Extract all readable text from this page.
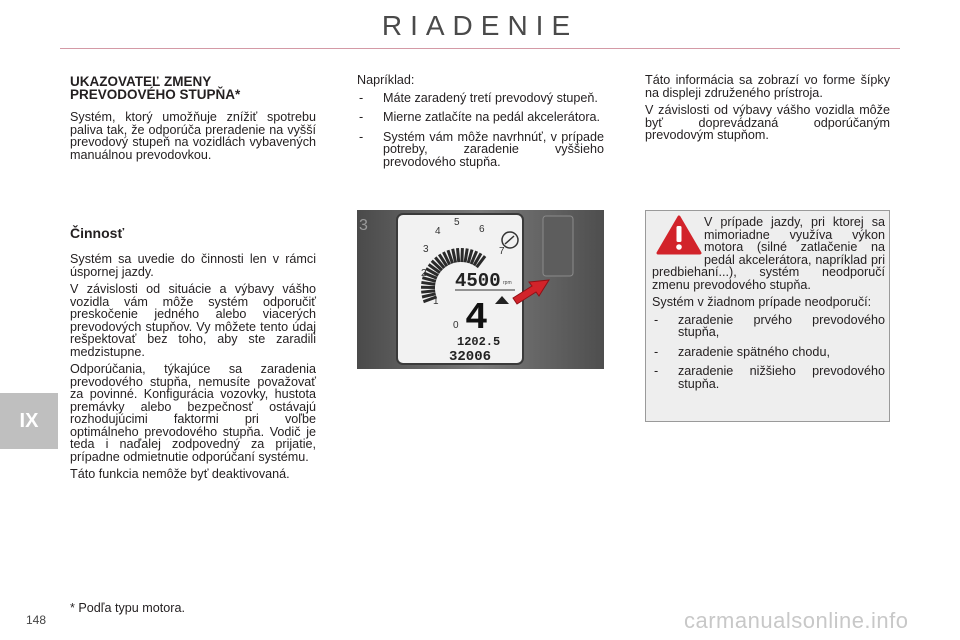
RIADENIE
UKAZOVATEĽ ZMENY
PREVODOVÉHO STUPŇA*

Systém, ktorý umožňuje znížiť spotrebu paliva tak, že odporúča preradenie na vyšší prevodový stupeň na vozidlách vybavených manuálnou prevodovkou.

Činnosť

Systém sa uvedie do činnosti len v rámci úspornej jazdy.

V závislosti od situácie a výbavy vášho vozidla vám môže systém odporučiť preskočenie jedného alebo viacerých prevodových stupňov. Vy môžete tento údaj rešpektovať bez toho, aby ste zaradili medzistupne.

Odporúčania, týkajúce sa zaradenia prevodového stupňa, nemusíte považovať za povinné. Konfigurácia vozovky, hustota premávky alebo bezpečnosť ostávajú rozhodujúcimi faktormi pri voľbe optimálneho prevodového stupňa. Vodič je teda i naďalej zodpovedný za prijatie, prípadne odmietnutie odporúčaní systému.

Táto funkcia nemôže byť deaktivovaná.

Napríklad:
- Máte zaradený tretí prevodový stupeň.
- Mierne zatlačíte na pedál akcelerátora.
- Systém vám môže navrhnúť, v prípade potreby, zaradenie vyššieho prevodového stupňa.
3
0
1
2
3
4
5
6
7
4500 rpm
4
1202.5
32006

Táto informácia sa zobrazí vo forme šípky na displeji združeného prístroja.

V závislosti od výbavy vášho vozidla môže byť doprevádzaná odporúčaným prevodovým stupňom.

V prípade jazdy, pri ktorej sa mimoriadne využíva výkon motora (silné zatlačenie na pedál akcelerátora, napríklad pri predbiehaní...), systém neodporučí zmenu prevodového stupňa.

Systém v žiadnom prípade neodporučí:

- zaradenie prvého prevodového stupňa,
- zaradenie spätného chodu,
- zaradenie nižšieho prevodového stupňa.
IX
* Podľa typu motora.
148	carmanualsonline.info
